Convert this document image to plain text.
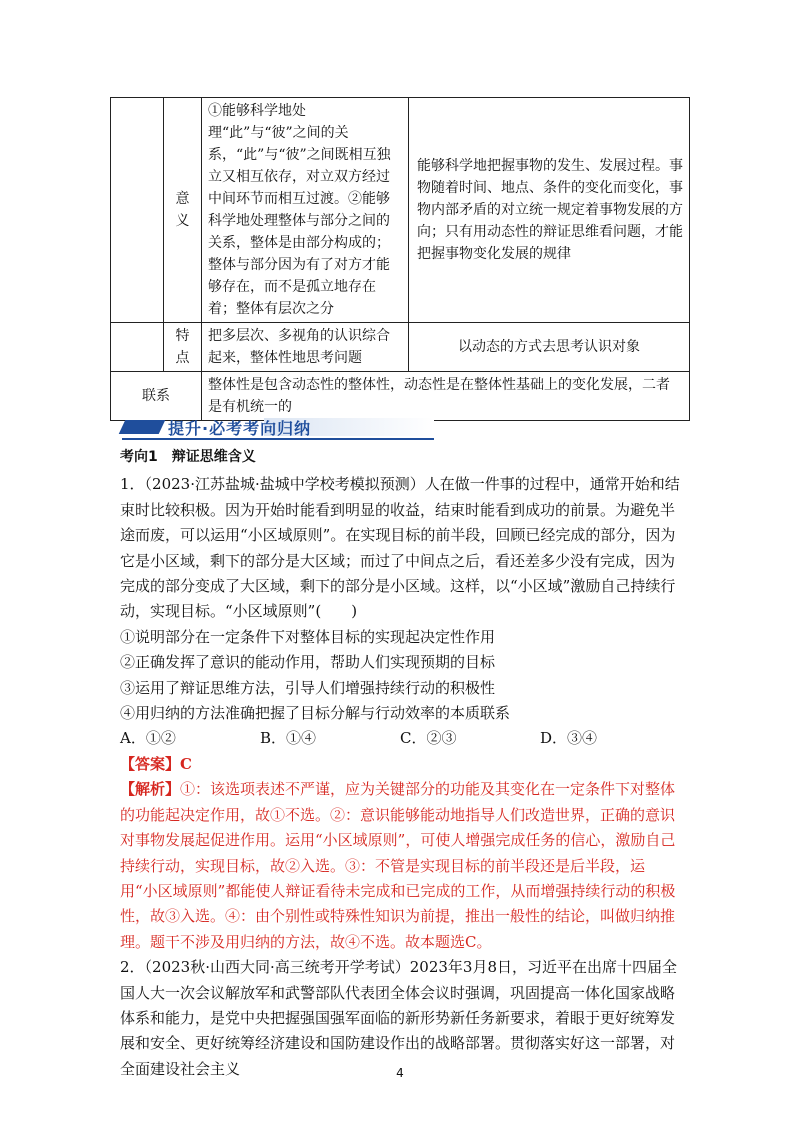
	意义	①能够科学地处理“此”与“彼”之间的关系，“此”与“彼”之间既相互独立又相互依存，对立双方经过中间环节而相互过渡。②能够科学地处理整体与部分之间的关系，整体是由部分构成的；整体与部分因为有了对方才能够存在，而不是孤立地存在着；整体有层次之分	能够科学地把握事物的发生、发展过程。事物随着时间、地点、条件的变化而变化，事物内部矛盾的对立统一规定着事物发展的方向；只有用动态性的辩证思维看问题，才能把握事物变化发展的规律
	特点	把多层次、多视角的认识综合起来，整体性地思考问题	以动态的方式去思考认识对象
联系		整体性是包含动态性的整体性，动态性是在整体性基础上的变化发展，二者是有机统一的	
提升·必考考向归纳

考向1　辩证思维含义

1．（2023·江苏盐城·盐城中学校考模拟预测）人在做一件事的过程中，通常开始和结束时比较积极。因为开始时能看到明显的收益，结束时能看到成功的前景。为避免半途而废，可以运用“小区域原则”。在实现目标的前半段，回顾已经完成的部分，因为它是小区域，剩下的部分是大区域；而过了中间点之后，看还差多少没有完成，因为完成的部分变成了大区域，剩下的部分是小区域。这样，以“小区域”激励自己持续行动，实现目标。“小区域原则”(　　)

①说明部分在一定条件下对整体目标的实现起决定性作用

②正确发挥了意识的能动作用，帮助人们实现预期的目标

③运用了辩证思维方法，引导人们增强持续行动的积极性

④用归纳的方法准确把握了目标分解与行动效率的本质联系

A．①②	B．①④	C．②③	D．③④

【答案】C

【解析】①：该选项表述不严谨，应为关键部分的功能及其变化在一定条件下对整体的功能起决定作用，故①不选。②：意识能够能动地指导人们改造世界，正确的意识对事物发展起促进作用。运用“小区域原则”，可使人增强完成任务的信心，激励自己持续行动，实现目标，故②入选。③：不管是实现目标的前半段还是后半段，运用“小区域原则”都能使人辩证看待未完成和已完成的工作，从而增强持续行动的积极性，故③入选。④：由个别性或特殊性知识为前提，推出一般性的结论，叫做归纳推理。题干不涉及用归纳的方法，故④不选。故本题选C。

2．（2023秋·山西大同·高三统考开学考试）2023年3月8日，习近平在出席十四届全国人大一次会议解放军和武警部队代表团全体会议时强调，巩固提高一体化国家战略体系和能力，是党中央把握强国强军面临的新形势新任务新要求，着眼于更好统筹发展和安全、更好统筹经济建设和国防建设作出的战略部署。贯彻落实好这一部署，对全面建设社会主义	4
